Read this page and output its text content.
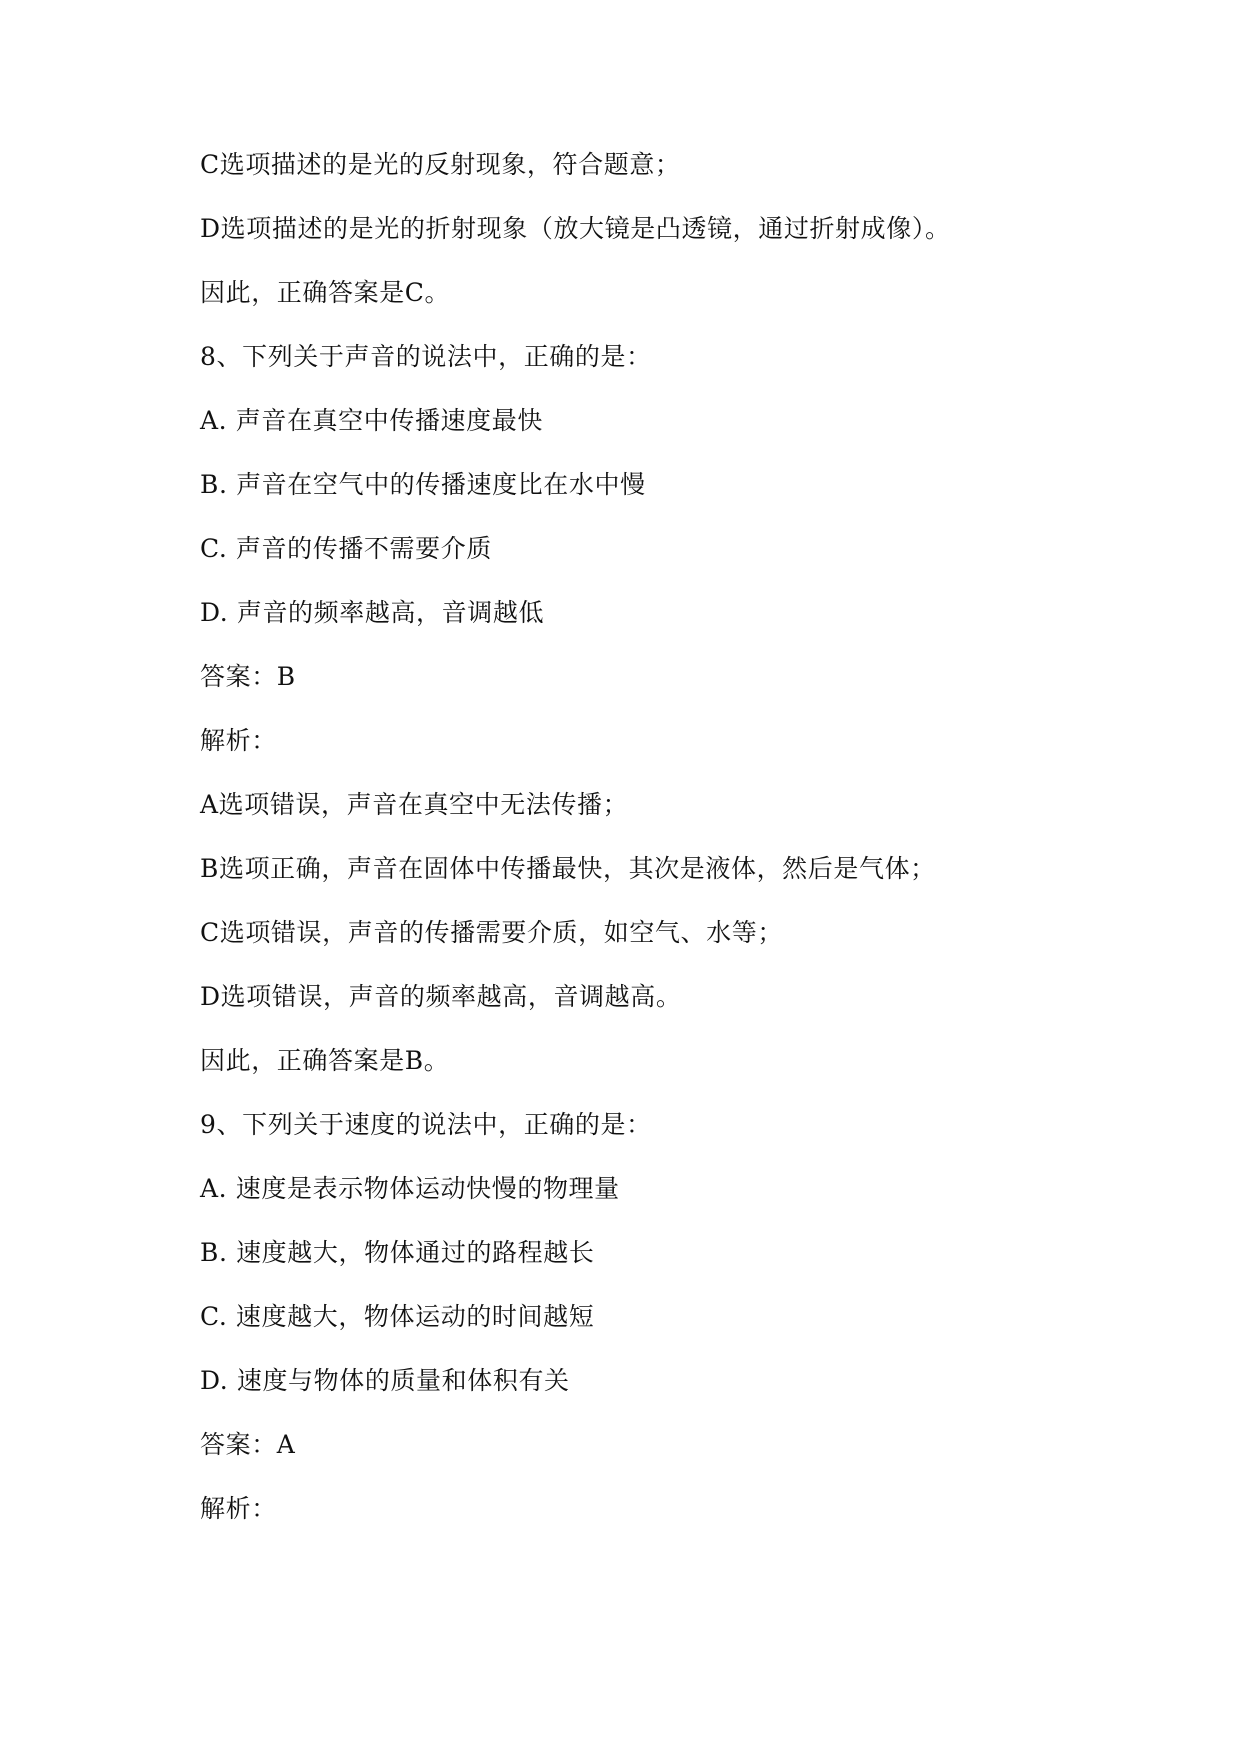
C选项描述的是光的反射现象，符合题意；
D选项描述的是光的折射现象（放大镜是凸透镜，通过折射成像）。
因此，正确答案是C。
8、下列关于声音的说法中，正确的是：
A. 声音在真空中传播速度最快
B. 声音在空气中的传播速度比在水中慢
C. 声音的传播不需要介质
D. 声音的频率越高，音调越低
答案：B
解析：
A选项错误，声音在真空中无法传播；
B选项正确，声音在固体中传播最快，其次是液体，然后是气体；
C选项错误，声音的传播需要介质，如空气、水等；
D选项错误，声音的频率越高，音调越高。
因此，正确答案是B。
9、下列关于速度的说法中，正确的是：
A. 速度是表示物体运动快慢的物理量
B. 速度越大，物体通过的路程越长
C. 速度越大，物体运动的时间越短
D. 速度与物体的质量和体积有关
答案：A
解析：
